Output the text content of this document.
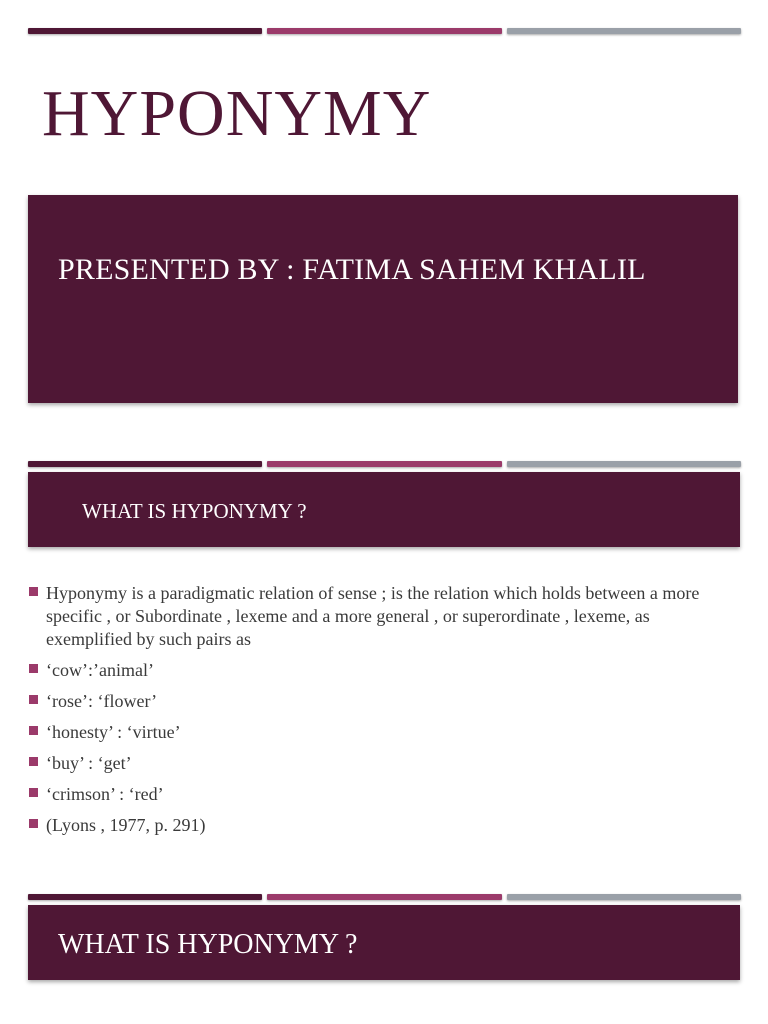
HYPONYMY
PRESENTED BY : FATIMA SAHEM KHALIL
WHAT IS HYPONYMY ?
Hyponymy is a paradigmatic relation of sense ; is the relation which holds between a more specific , or Subordinate , lexeme and a more general , or superordinate , lexeme, as exemplified by such pairs as
‘cow’:’animal’
‘rose’: ‘flower’
‘honesty’ : ‘virtue’
‘buy’ : ‘get’
‘crimson’ : ‘red’
(Lyons , 1977, p. 291)
WHAT IS HYPONYMY ?
